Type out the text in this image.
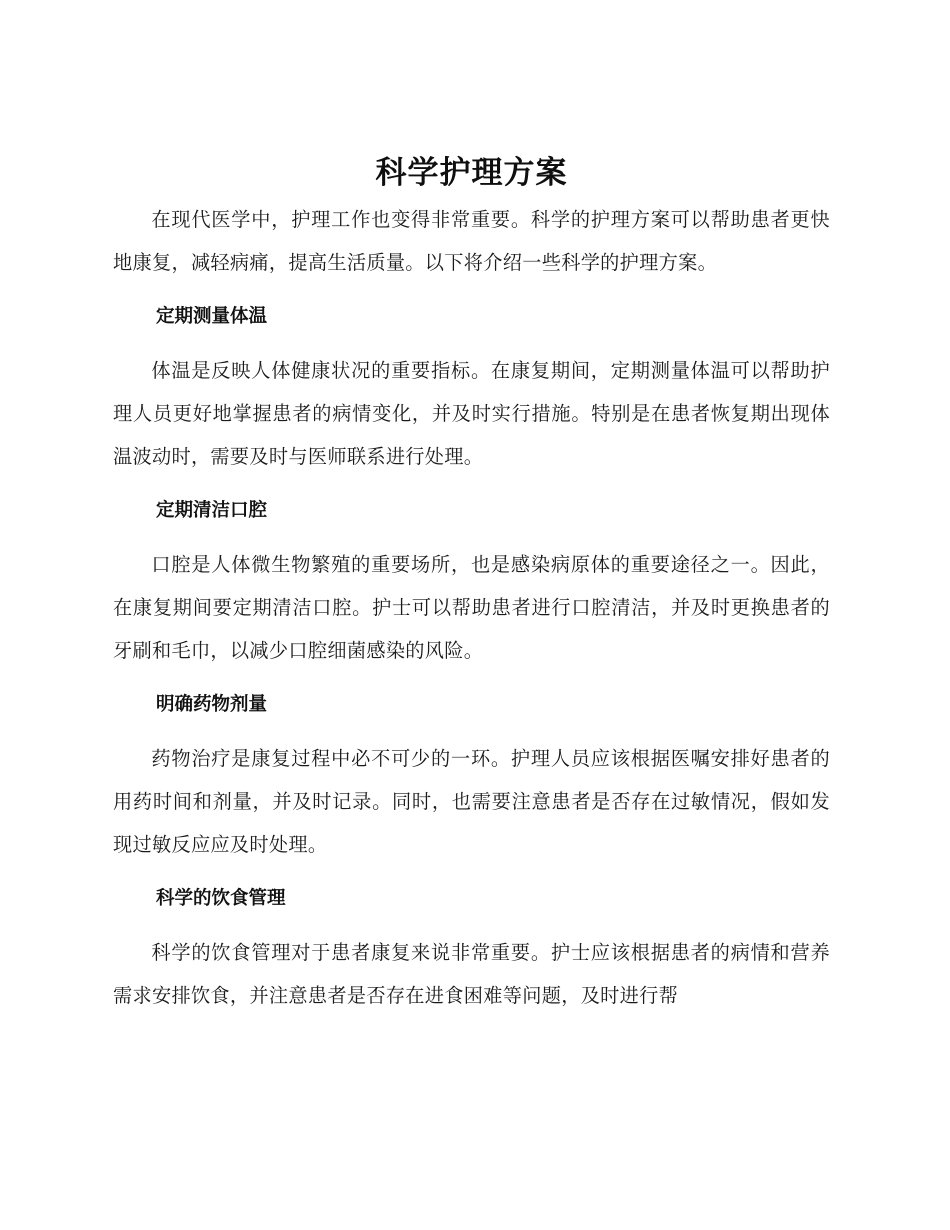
科学护理方案

在现代医学中，护理工作也变得非常重要。科学的护理方案可以帮助患者更快地康复，减轻病痛，提高生活质量。以下将介绍一些科学的护理方案。

定期测量体温

体温是反映人体健康状况的重要指标。在康复期间，定期测量体温可以帮助护理人员更好地掌握患者的病情变化，并及时实行措施。特别是在患者恢复期出现体温波动时，需要及时与医师联系进行处理。

定期清洁口腔

口腔是人体微生物繁殖的重要场所，也是感染病原体的重要途径之一。因此，在康复期间要定期清洁口腔。护士可以帮助患者进行口腔清洁，并及时更换患者的牙刷和毛巾，以减少口腔细菌感染的风险。

明确药物剂量

药物治疗是康复过程中必不可少的一环。护理人员应该根据医嘱安排好患者的用药时间和剂量，并及时记录。同时，也需要注意患者是否存在过敏情况，假如发现过敏反应应及时处理。

科学的饮食管理

科学的饮食管理对于患者康复来说非常重要。护士应该根据患者的病情和营养需求安排饮食，并注意患者是否存在进食困难等问题，及时进行帮
